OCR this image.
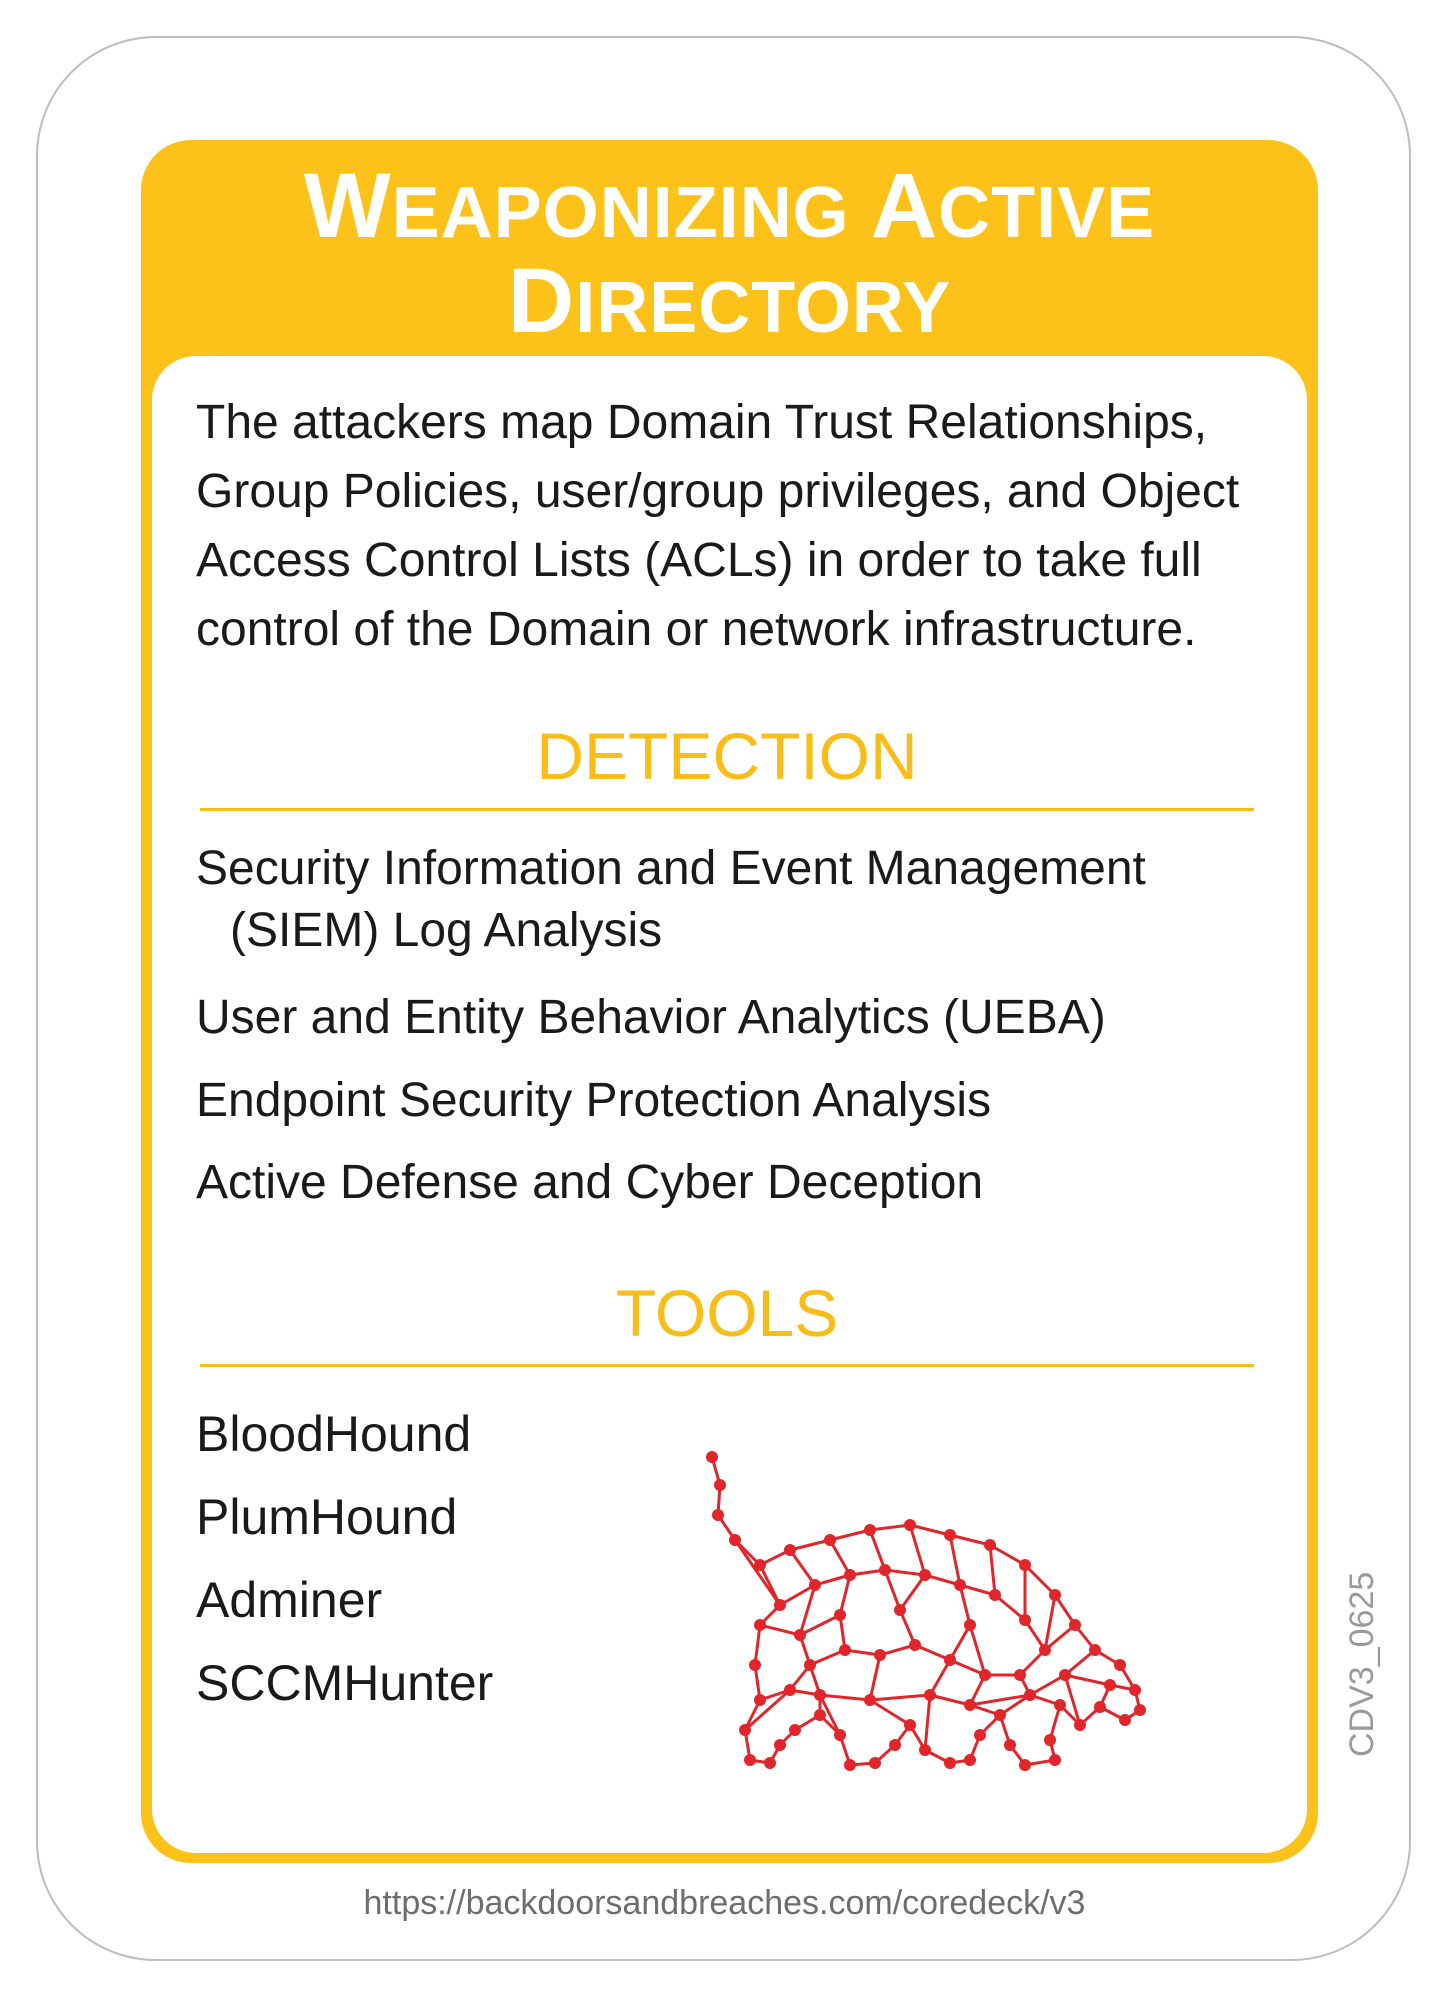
WEAPONIZING ACTIVE
DIRECTORY

The attackers map Domain Trust Relationships, Group Policies, user/group privileges, and Object Access Control Lists (ACLs) in order to take full control of the Domain or network infrastructure.

DETECTION
Security Information and Event Management
(SIEM) Log Analysis
User and Entity Behavior Analytics (UEBA)
Endpoint Security Protection Analysis
Active Defense and Cyber Deception
TOOLS
BloodHound
PlumHound
Adminer
SCCMHunter	CDV3_0625
https://backdoorsandbreaches.com/coredeck/v3
